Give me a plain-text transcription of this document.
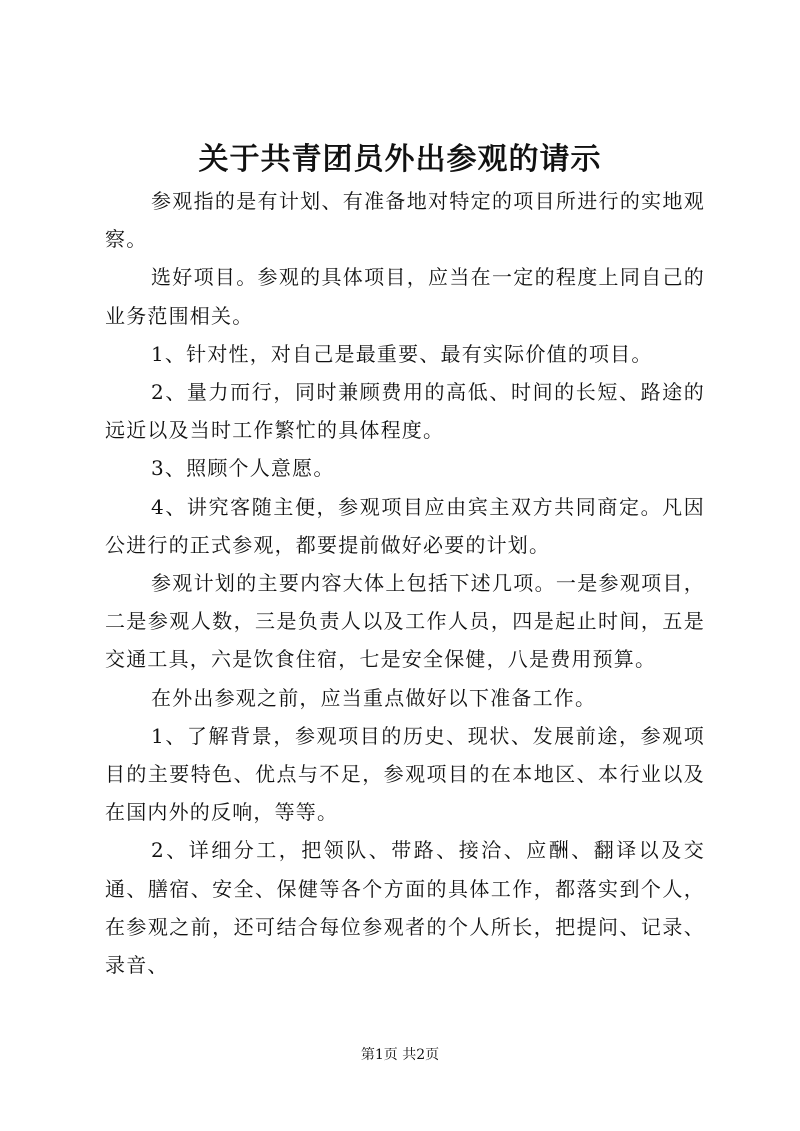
关于共青团员外出参观的请示

参观指的是有计划、有准备地对特定的项目所进行的实地观察。

选好项目。参观的具体项目，应当在一定的程度上同自己的业务范围相关。

1、针对性，对自己是最重要、最有实际价值的项目。

2、量力而行，同时兼顾费用的高低、时间的长短、路途的远近以及当时工作繁忙的具体程度。

3、照顾个人意愿。

4、讲究客随主便，参观项目应由宾主双方共同商定。凡因公进行的正式参观，都要提前做好必要的计划。

参观计划的主要内容大体上包括下述几项。一是参观项目，二是参观人数，三是负责人以及工作人员，四是起止时间，五是交通工具，六是饮食住宿，七是安全保健，八是费用预算。

在外出参观之前，应当重点做好以下准备工作。

1、了解背景，参观项目的历史、现状、发展前途，参观项目的主要特色、优点与不足，参观项目的在本地区、本行业以及在国内外的反响，等等。

2、详细分工，把领队、带路、接洽、应酬、翻译以及交通、膳宿、安全、保健等各个方面的具体工作，都落实到个人，在参观之前，还可结合每位参观者的个人所长，把提问、记录、录音、

第1页 共2页
